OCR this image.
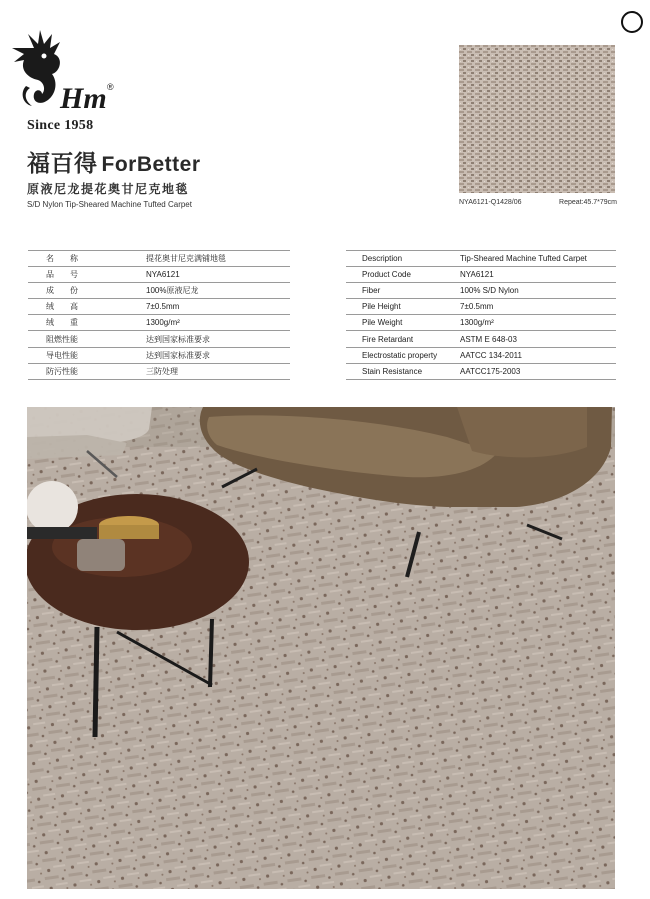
Hm ®
Since 1958
福百得 ForBetter
原液尼龙提花奥甘尼克地毯
S/D Nylon Tip-Sheared Machine Tufted Carpet	NYA6121-Q1428/06	Repeat:45.7*79cm
名　　称	提花奥甘尼克满铺地毯
品　　号	NYA6121
成　　份	100%原液尼龙
绒　　高	7±0.5mm
绒　　重	1300g/m²
阻燃性能	达到国家标准要求
导电性能	达到国家标准要求
防污性能	三防处理
Description	Tip-Sheared Machine Tufted Carpet
Product Code	NYA6121
Fiber	100% S/D Nylon
Pile Height	7±0.5mm
Pile Weight	1300g/m²
Fire Retardant	ASTM E 648-03
Electrostatic property	AATCC 134-2011
Stain Resistance	AATCC175-2003
